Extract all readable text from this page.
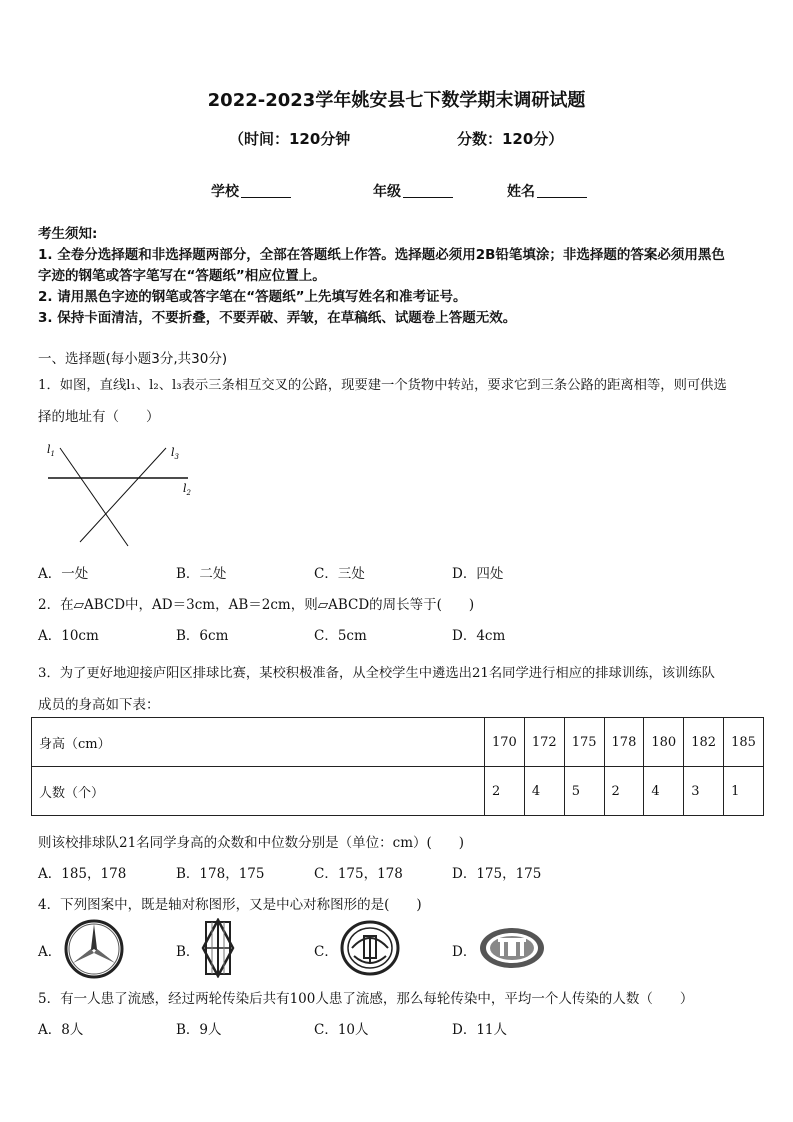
2022-2023学年姚安县七下数学期末调研试题
（时间：120分钟	分数：120分）
学校	年级	姓名
考生须知:
1. 全卷分选择题和非选择题两部分，全部在答题纸上作答。选择题必须用2B铅笔填涂；非选择题的答案必须用黑色
字迹的钢笔或答字笔写在“答题纸”相应位置上。
2. 请用黑色字迹的钢笔或答字笔在“答题纸”上先填写姓名和准考证号。
3. 保持卡面清洁，不要折叠，不要弄破、弄皱，在草稿纸、试题卷上答题无效。
一、选择题(每小题3分,共30分)
1．如图，直线l₁、l₂、l₃表示三条相互交叉的公路，现要建一个货物中转站，要求它到三条公路的距离相等，则可供选
择的地址有（　　）
$l_1$
$l_2$
$l_3$
A．一处	B．二处	C．三处	D．四处
2．在▱ABCD中，AD＝3cm，AB＝2cm，则▱ABCD的周长等于(　　)
A．10cm	B．6cm	C．5cm	D．4cm
3．为了更好地迎接庐阳区排球比赛，某校积极准备，从全校学生中遴选出21名同学进行相应的排球训练，该训练队
成员的身高如下表：
身高（cm）	170	172	175	178	180	182	185
人数（个）	2	4	5	2	4	3	1
则该校排球队21名同学身高的众数和中位数分别是（单位：cm）(　　)
A．185，178	B．178，175	C．175，178	D．175，175
4．下列图案中，既是轴对称图形，又是中心对称图形的是(　　)
A．	B．	C．	D．
5．有一人患了流感，经过两轮传染后共有100人患了流感，那么每轮传染中，平均一个人传染的人数（　　）
A．8人	B．9人	C．10人	D．11人
